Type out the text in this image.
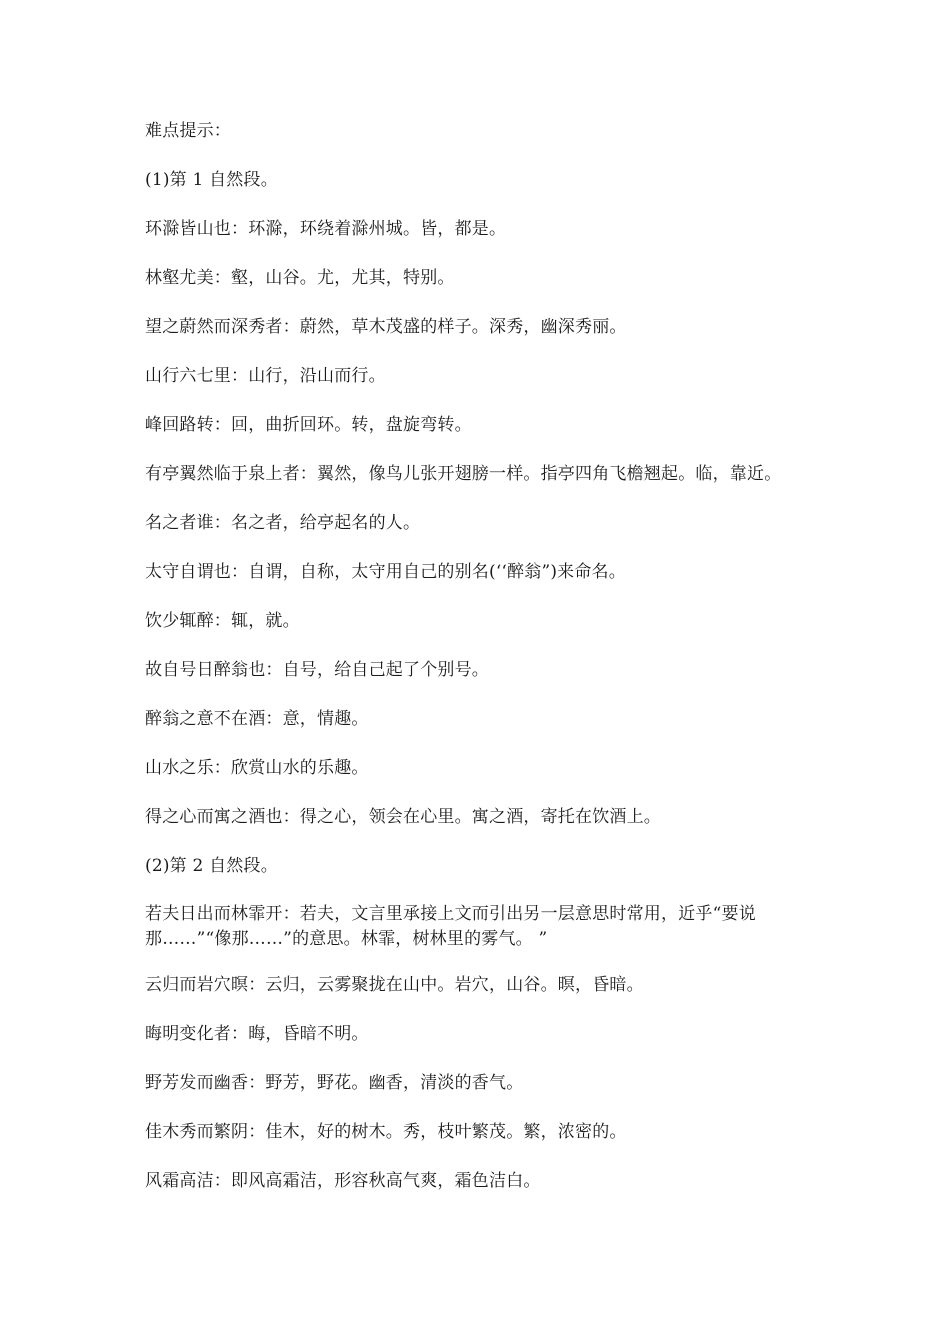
难点提示：

(1)第 1 自然段。

环滁皆山也：环滁，环绕着滁州城。皆，都是。

林壑尤美：壑，山谷。尤，尤其，特别。

望之蔚然而深秀者：蔚然，草木茂盛的样子。深秀，幽深秀丽。

山行六七里：山行，沿山而行。

峰回路转：回，曲折回环。转，盘旋弯转。

有亭翼然临于泉上者：翼然，像鸟儿张开翅膀一样。指亭四角飞檐翘起。临，靠近。

名之者谁：名之者，给亭起名的人。

太守自谓也：自谓，自称，太守用自己的别名(‘‘醉翁”)来命名。

饮少辄醉：辄，就。

故自号日醉翁也：自号，给自己起了个别号。

醉翁之意不在酒：意，情趣。

山水之乐：欣赏山水的乐趣。

得之心而寓之酒也：得之心，领会在心里。寓之酒，寄托在饮酒上。

(2)第 2 自然段。

若夫日出而林霏开：若夫，文言里承接上文而引出另一层意思时常用，近乎“要说那……”“像那……”的意思。林霏，树林里的雾气。 ”

云归而岩穴暝：云归，云雾聚拢在山中。岩穴，山谷。暝，昏暗。

晦明变化者：晦，昏暗不明。

野芳发而幽香：野芳，野花。幽香，清淡的香气。

佳木秀而繁阴：佳木，好的树木。秀，枝叶繁茂。繁，浓密的。

风霜高洁：即风高霜洁，形容秋高气爽，霜色洁白。
